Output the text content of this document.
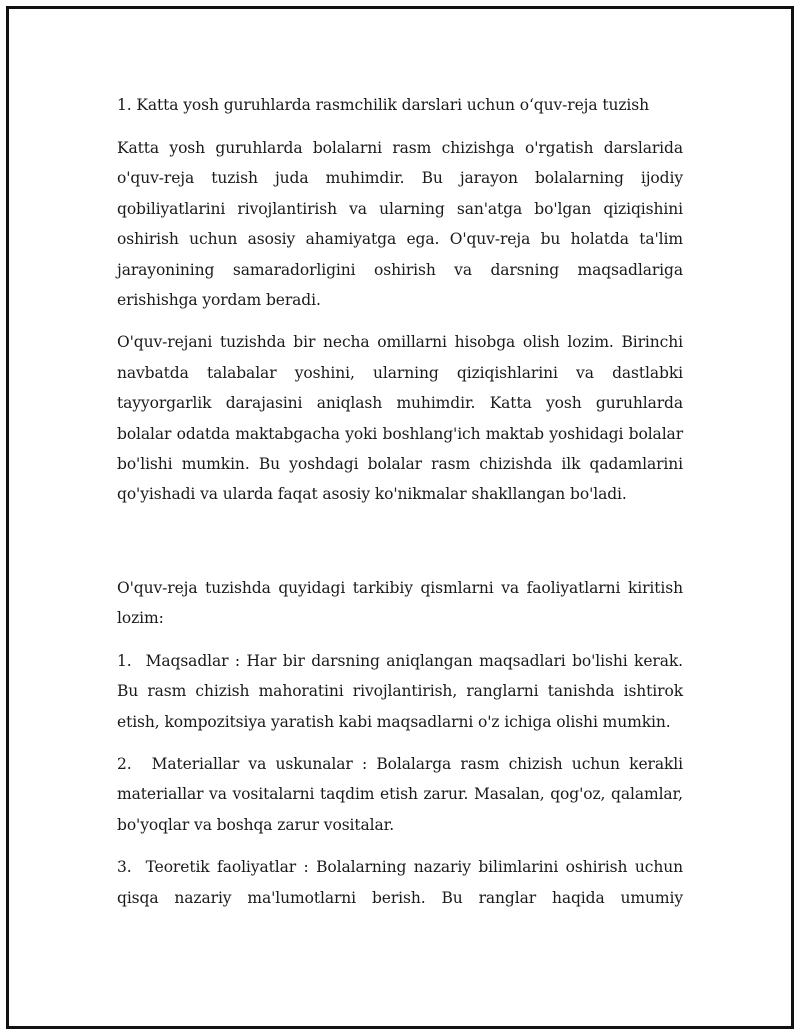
1. Katta yosh guruhlarda rasmchilik darslari uchun o‘quv-reja tuzish

Katta yosh guruhlarda bolalarni rasm chizishga o'rgatish darslarida o'quv-reja tuzish juda muhimdir. Bu jarayon bolalarning ijodiy qobiliyatlarini rivojlantirish va ularning san'atga bo'lgan qiziqishini oshirish uchun asosiy ahamiyatga ega. O'quv-reja bu holatda ta'lim jarayonining samaradorligini oshirish va darsning maqsadlariga erishishga yordam beradi.

O'quv-rejani tuzishda bir necha omillarni hisobga olish lozim. Birinchi navbatda talabalar yoshini, ularning qiziqishlarini va dastlabki tayyorgarlik darajasini aniqlash muhimdir. Katta yosh guruhlarda bolalar odatda maktabgacha yoki boshlang'ich maktab yoshidagi bolalar bo'lishi mumkin. Bu yoshdagi bolalar rasm chizishda ilk qadamlarini qo'yishadi va ularda faqat asosiy ko'nikmalar shakllangan bo'ladi.

O'quv-reja tuzishda quyidagi tarkibiy qismlarni va faoliyatlarni kiritish lozim:

1. Maqsadlar : Har bir darsning aniqlangan maqsadlari bo'lishi kerak. Bu rasm chizish mahoratini rivojlantirish, ranglarni tanishda ishtirok etish, kompozitsiya yaratish kabi maqsadlarni o'z ichiga olishi mumkin.

2. Materiallar va uskunalar : Bolalarga rasm chizish uchun kerakli materiallar va vositalarni taqdim etish zarur. Masalan, qog'oz, qalamlar, bo'yoqlar va boshqa zarur vositalar.

3. Teoretik faoliyatlar : Bolalarning nazariy bilimlarini oshirish uchun qisqa nazariy ma'lumotlarni berish. Bu ranglar haqida umumiy
